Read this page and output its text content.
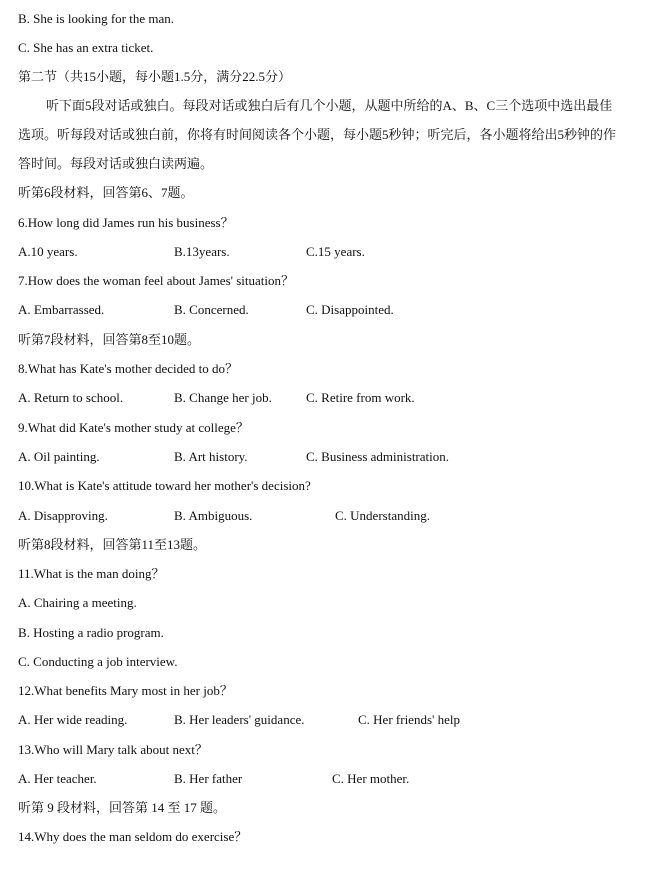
B. She is looking for the man.
C. She has an extra ticket.
第二节（共15小题，每小题1.5分，满分22.5分）
听下面5段对话或独白。每段对话或独白后有几个小题，从题中所给的A、B、C三个选项中选出最佳
选项。听每段对话或独白前，你将有时间阅读各个小题，每小题5秒钟；听完后，各小题将给出5秒钟的作
答时间。每段对话或独白读两遍。
听第6段材料，回答第6、7题。
6.How long did James run his business？
A.10 years.	B.13years.	C.15 years.
7.How does the woman feel about James' situation？
A. Embarrassed.	B. Concerned.	C. Disappointed.
听第7段材料，回答第8至10题。
8.What has Kate's mother decided to do？
A. Return to school.	B. Change her job.	C. Retire from work.
9.What did Kate's mother study at college？
A. Oil painting.	B. Art history.	C. Business administration.
10.What is Kate's attitude toward her mother's decision?
A. Disapproving.	B. Ambiguous.	C. Understanding.
听第8段材料，回答第11至13题。
11.What is the man doing？
A. Chairing a meeting.
B. Hosting a radio program.
C. Conducting a job interview.
12.What benefits Mary most in her job？
A. Her wide reading.	B. Her leaders' guidance.	C. Her friends' help
13.Who will Mary talk about next？
A. Her teacher.	B. Her father	C. Her mother.
听第 9 段材料，回答第 14 至 17 题。
14.Why does the man seldom do exercise？
